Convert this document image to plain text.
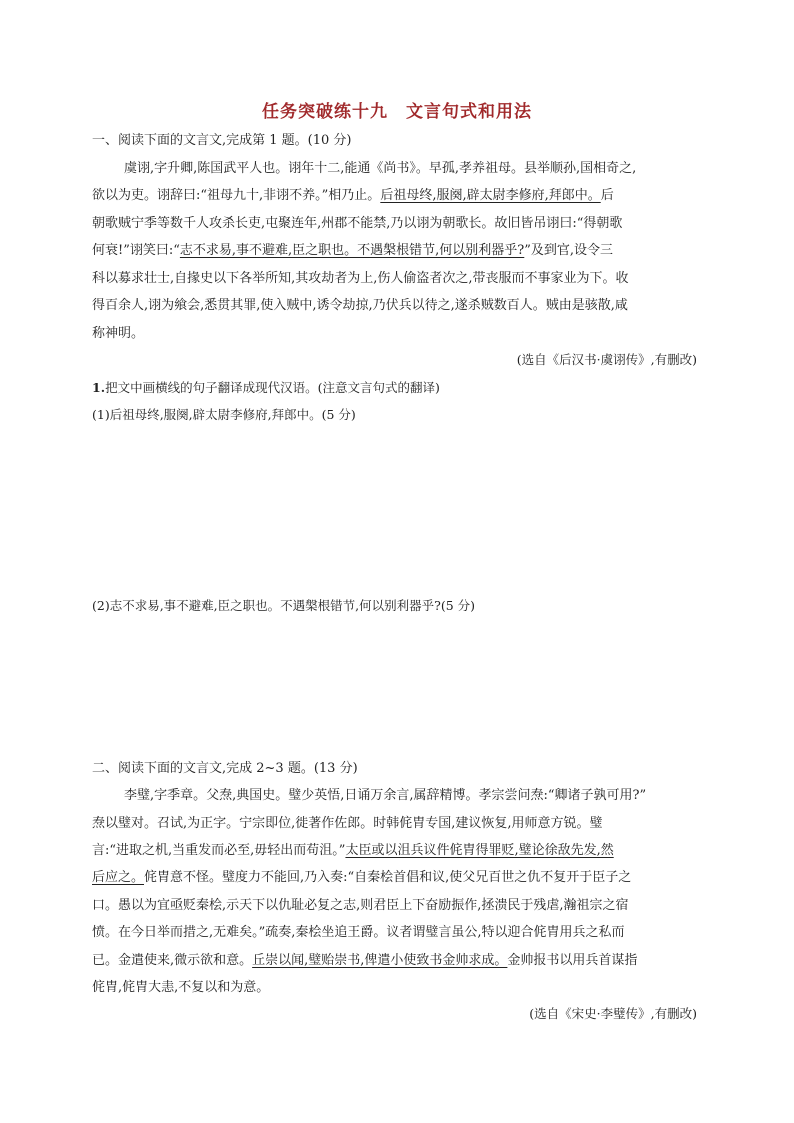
任务突破练十九　文言句式和用法
一、阅读下面的文言文,完成第 1 题。(10 分)
虞诩,字升卿,陈国武平人也。诩年十二,能通《尚书》。早孤,孝养祖母。县举顺孙,国相奇之,
欲以为吏。诩辞曰:“祖母九十,非诩不养。”相乃止。后祖母终,服阕,辟太尉李修府,拜郎中。后
朝歌贼宁季等数千人攻杀长吏,屯聚连年,州郡不能禁,乃以诩为朝歌长。故旧皆吊诩曰:“得朝歌
何衰!”诩笑曰:“志不求易,事不避难,臣之职也。不遇槃根错节,何以别利器乎?”及到官,设令三
科以募求壮士,自掾史以下各举所知,其攻劫者为上,伤人偷盗者次之,带丧服而不事家业为下。收
得百余人,诩为飨会,悉贯其罪,使入贼中,诱令劫掠,乃伏兵以待之,遂杀贼数百人。贼由是骇散,咸
称神明。
(选自《后汉书·虞诩传》,有删改)
1.把文中画横线的句子翻译成现代汉语。(注意文言句式的翻译)
(1)后祖母终,服阕,辟太尉李修府,拜郎中。(5 分)
(2)志不求易,事不避难,臣之职也。不遇槃根错节,何以别利器乎?(5 分)
二、阅读下面的文言文,完成 2~3 题。(13 分)
李璧,字季章。父焘,典国史。璧少英悟,日诵万余言,属辞精博。孝宗尝问焘:“卿诸子孰可用?”
焘以璧对。召试,为正字。宁宗即位,徙著作佐郎。时韩侂胄专国,建议恢复,用师意方锐。璧
言:“进取之机,当重发而必至,毋轻出而苟沮。”太臣或以沮兵议件侂胄得罪贬,璧论徐敌先发,然
后应之。侂胄意不怪。璧度力不能回,乃入奏:“自秦桧首倡和议,使父兄百世之仇不复开于臣子之
口。愚以为宜亟贬秦桧,示天下以仇耻必复之志,则君臣上下奋励振作,拯溃民于残虐,瀚祖宗之宿
愤。在今日举而措之,无难矣。”疏奏,秦桧坐追王爵。议者谓璧言虽公,特以迎合侂胄用兵之私而
已。金遣使来,微示欲和意。丘崇以闻,璧贻崇书,俾遣小使致书金帅求成。金帅报书以用兵首谋指
侂胄,侂胄大恚,不复以和为意。
(选自《宋史·李璧传》,有删改)
